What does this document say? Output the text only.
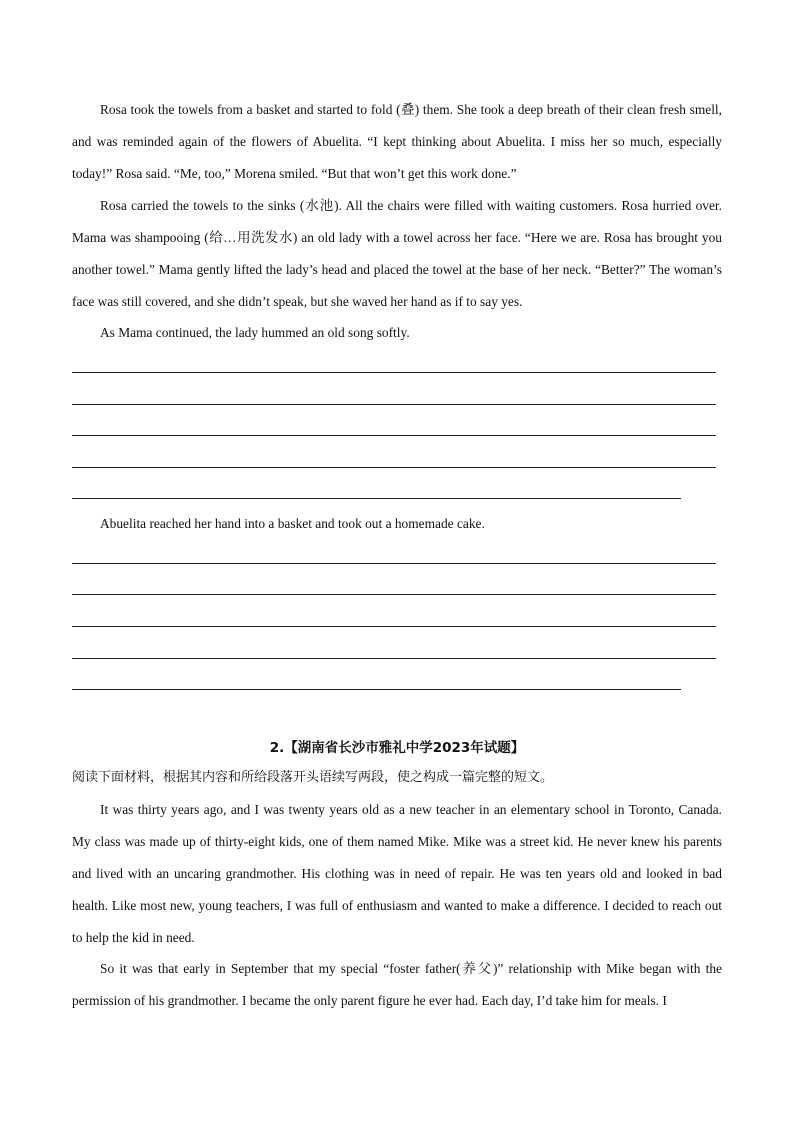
Rosa took the towels from a basket and started to fold (叠) them. She took a deep breath of their clean fresh smell, and was reminded again of the flowers of Abuelita. “I kept thinking about Abuelita. I miss her so much, especially today!” Rosa said. “Me, too,” Morena smiled. “But that won’t get this work done.”

Rosa carried the towels to the sinks (水池). All the chairs were filled with waiting customers. Rosa hurried over. Mama was shampooing (给…用洗发水) an old lady with a towel across her face. “Here we are. Rosa has brought you another towel.” Mama gently lifted the lady’s head and placed the towel at the base of her neck. “Better?” The woman’s face was still covered, and she didn’t speak, but she waved her hand as if to say yes.

As Mama continued, the lady hummed an old song softly.

Abuelita reached her hand into a basket and took out a homemade cake.

2.【湖南省长沙市雅礼中学2023年试题】

阅读下面材料，根据其内容和所给段落开头语续写两段，使之构成一篇完整的短文。

It was thirty years ago, and I was twenty years old as a new teacher in an elementary school in Toronto, Canada. My class was made up of thirty-eight kids, one of them named Mike. Mike was a street kid. He never knew his parents and lived with an uncaring grandmother. His clothing was in need of repair. He was ten years old and looked in bad health. Like most new, young teachers, I was full of enthusiasm and wanted to make a difference. I decided to reach out to help the kid in need.

So it was that early in September that my special “foster father(养父)” relationship with Mike began with the permission of his grandmother. I became the only parent figure he ever had. Each day, I’d take him for meals. I
